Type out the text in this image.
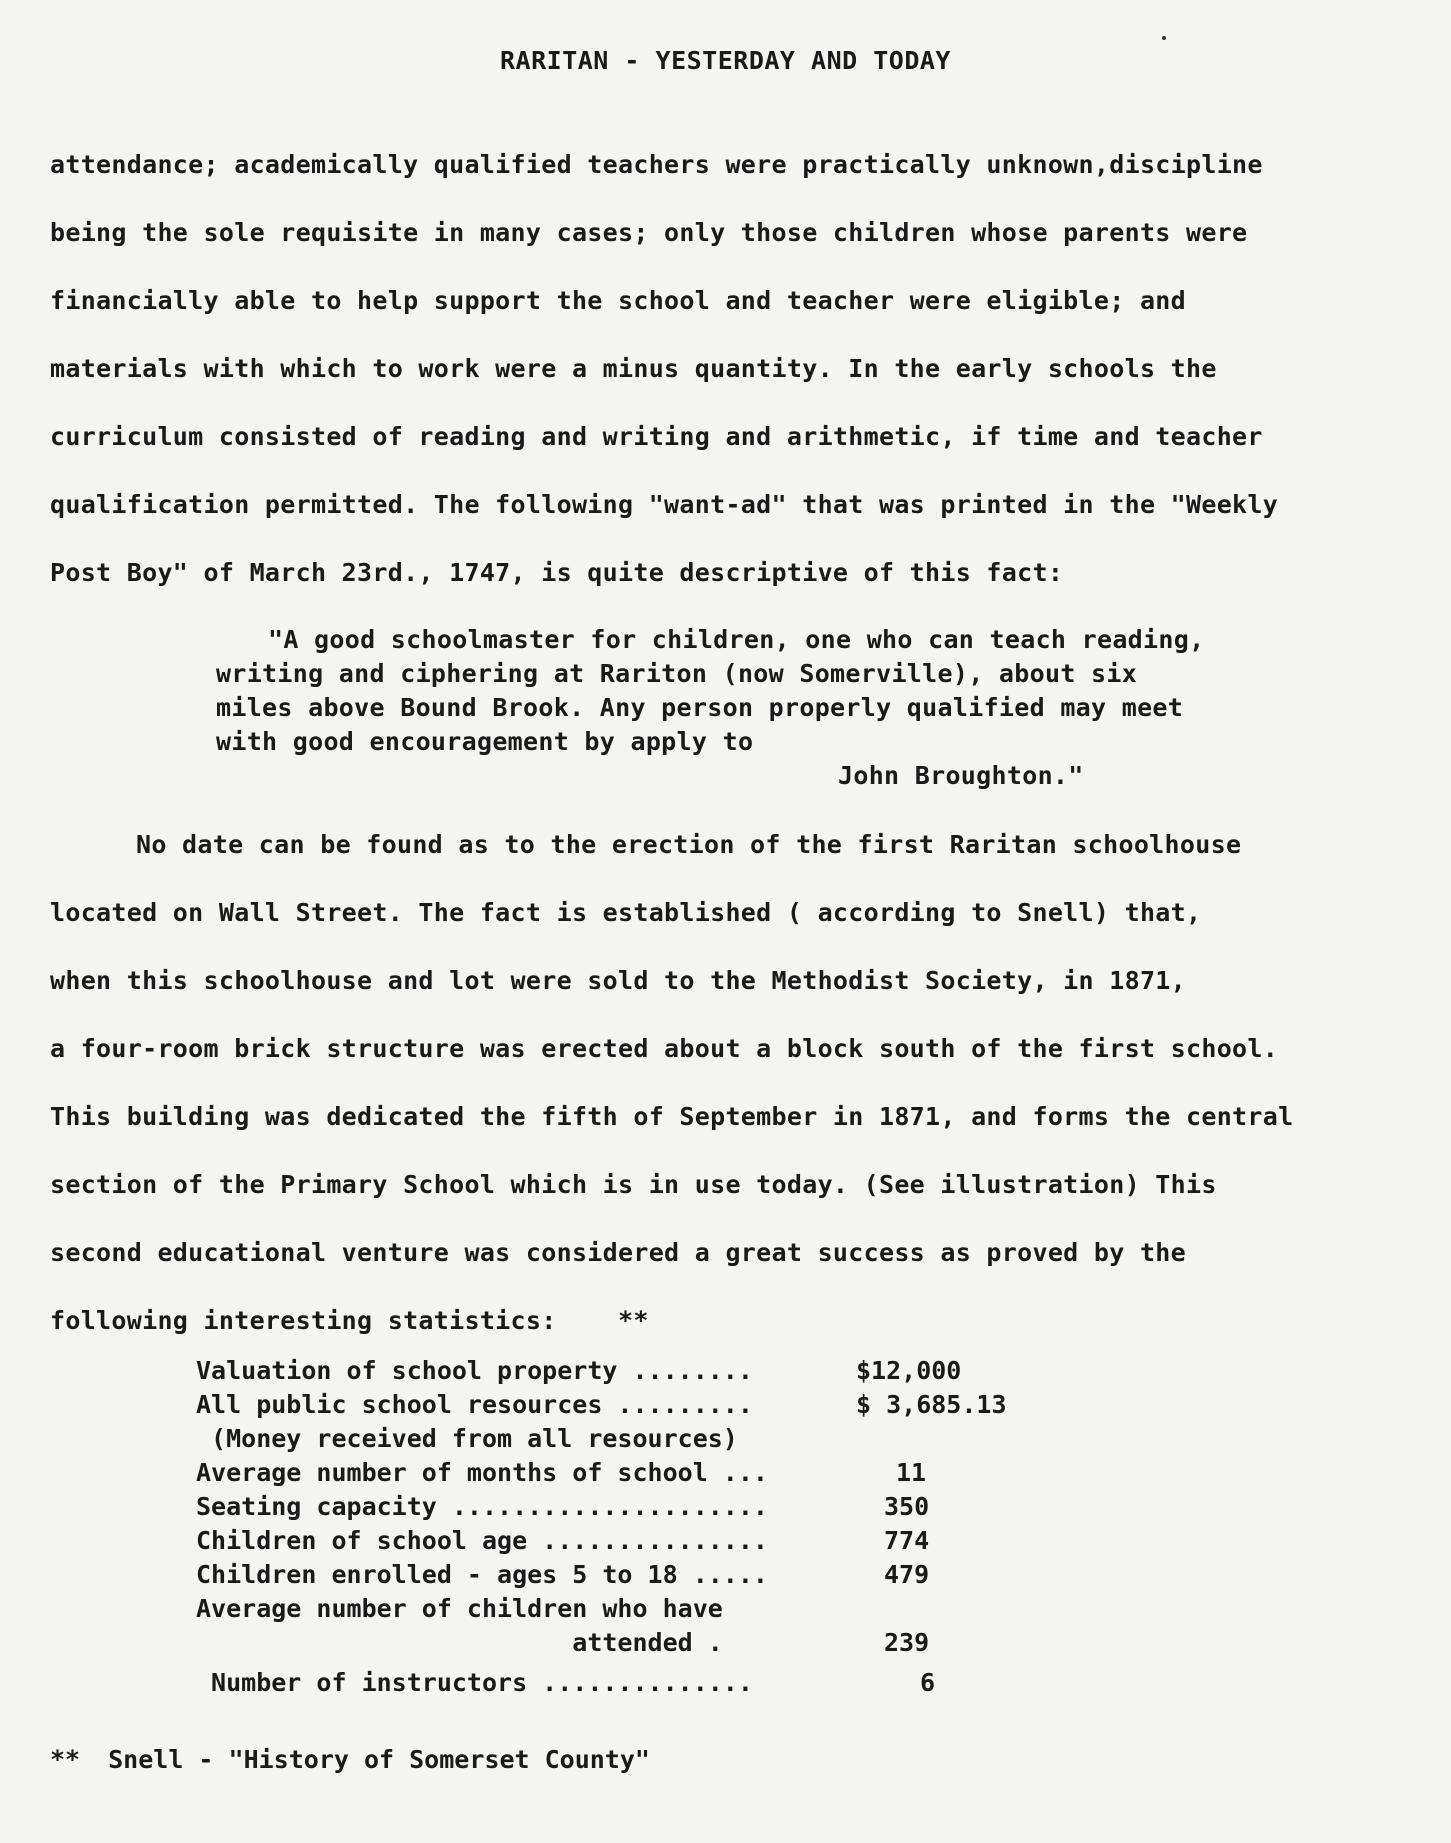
RARITAN - YESTERDAY AND TODAY
attendance; academically qualified teachers were practically unknown,discipline
being the sole requisite in many cases; only those children whose parents were
financially able to help support the school and teacher were eligible; and
materials with which to work were a minus quantity. In the early schools the
curriculum consisted of reading and writing and arithmetic, if time and teacher
qualification permitted. The following "want-ad" that was printed in the "Weekly
Post Boy" of March 23rd., 1747, is quite descriptive of this fact:
"A good schoolmaster for children, one who can teach reading,
writing and ciphering at Rariton (now Somerville), about six
miles above Bound Brook. Any person properly qualified may meet
with good encouragement by apply to
John Broughton."
No date can be found as to the erection of the first Raritan schoolhouse
located on Wall Street. The fact is established ( according to Snell) that,
when this schoolhouse and lot were sold to the Methodist Society, in 1871,
a four-room brick structure was erected about a block south of the first school.
This building was dedicated the fifth of September in 1871, and forms the central
section of the Primary School which is in use today. (See illustration) This
second educational venture was considered a great success as proved by the
following interesting statistics:    **
Valuation of school property ........	$12,000
All public school resources .........	$ 3,685.13
(Money received from all resources)
Average number of months of school ...	11
Seating capacity .....................	350
Children of school age ...............	774
Children enrolled - ages 5 to 18 .....	479
Average number of children who have
attended .	239
Number of instructors ..............	6
** Snell - "History of Somerset County"
